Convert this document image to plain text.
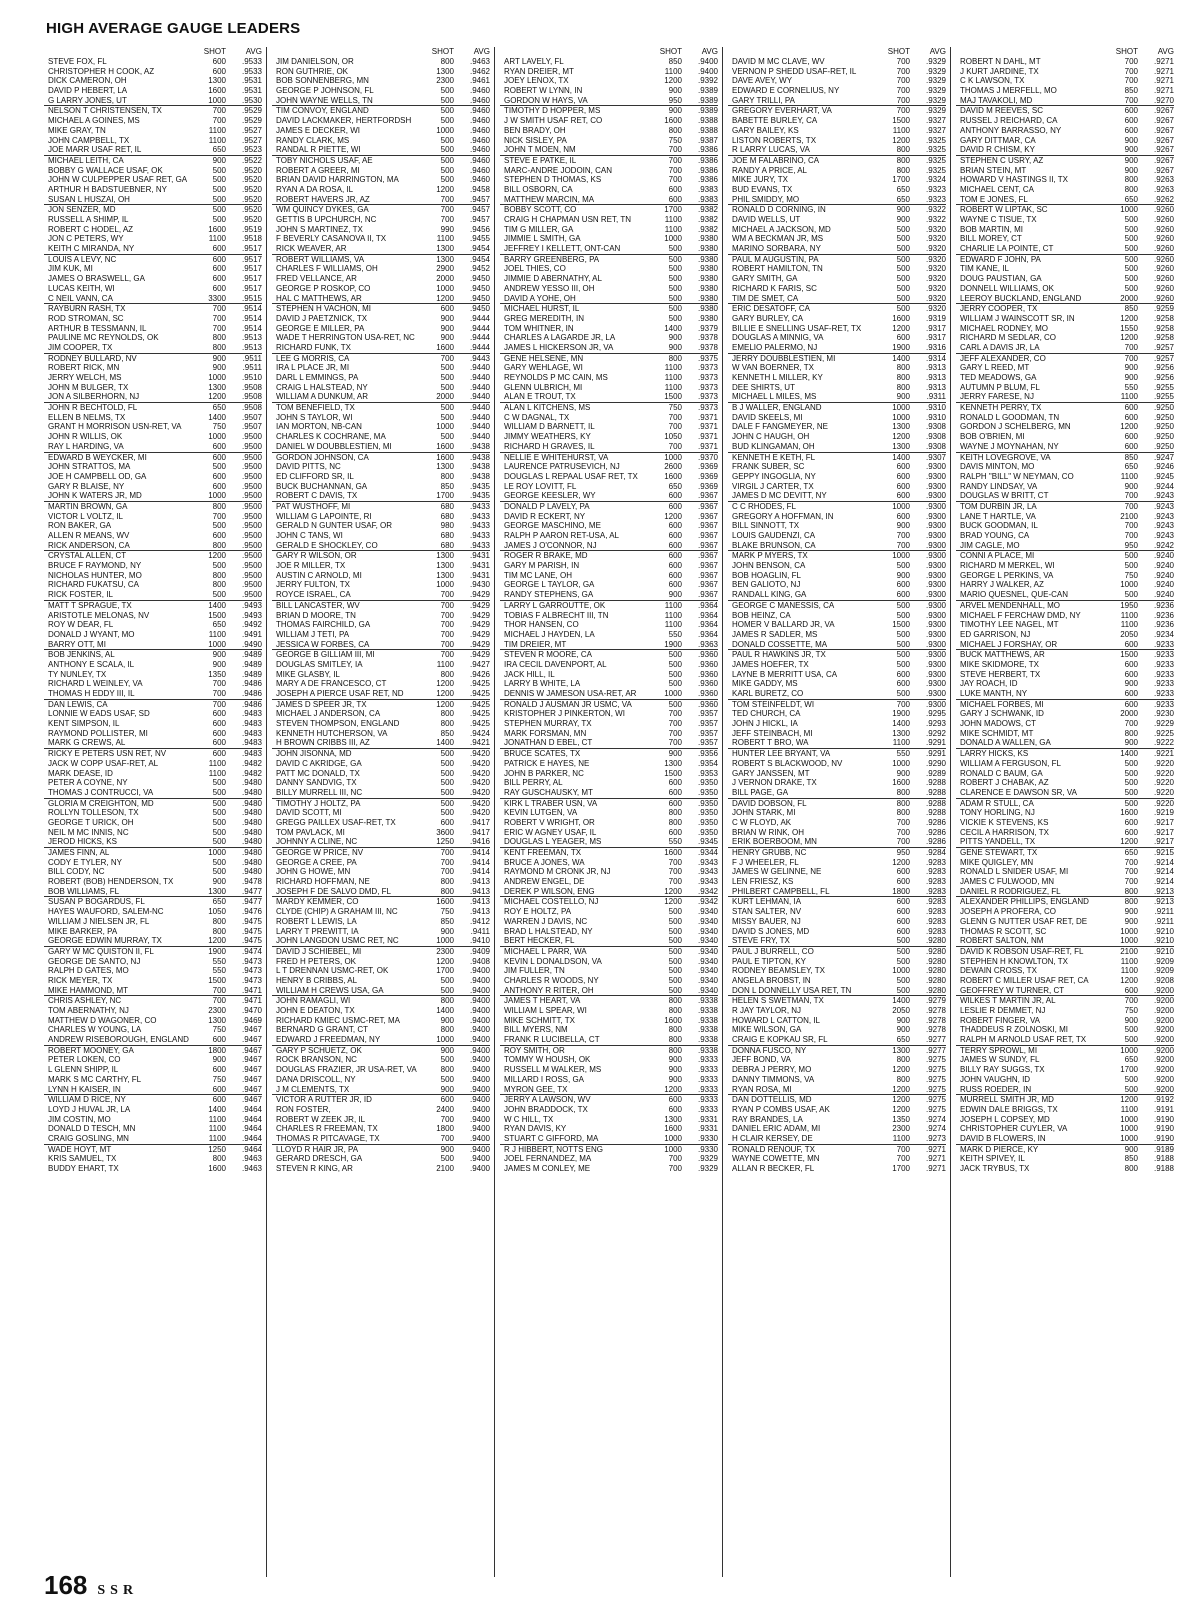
HIGH AVERAGE GAUGE LEADERS
SHOT	AVG
STEVE FOX, FL	600	.9533
CHRISTOPHER H COOK, AZ	600	.9533
DICK CAMERON, OH	1300	.9531
DAVID P HEBERT, LA	1600	.9531
G LARRY JONES, UT	1000	.9530
NELSON T CHRISTENSEN, TX	700	.9529
MICHAEL A GOINES, MS	700	.9529
MIKE GRAY, TN	1100	.9527
JOHN CAMPBELL, TX	1100	.9527
JOE MARR USAF RET, IL	650	.9523
MICHAEL LEITH, CA	900	.9522
BOBBY G WALLACE USAF, OK	500	.9520
JOHN W CULPEPPER USAF RET, GA	500	.9520
ARTHUR H BADSTUEBNER, NY	500	.9520
SUSAN L HUSZAI, OH	500	.9520
JON SENZER, MD	500	.9520
RUSSELL A SHIMP, IL	500	.9520
ROBERT C HODEL, AZ	1600	.9519
JON C PETERS, WY	1100	.9518
KEITH C MIRANDA, NY	600	.9517
LOUIS A LEVY, NC	600	.9517
JIM KUK, MI	600	.9517
JAMES O BRASWELL, GA	600	.9517
LUCAS KEITH, WI	600	.9517
C NEIL VANN, CA	3300	.9515
RAYBURN RASH, TX	700	.9514
ROD STROMAN, SC	700	.9514
ARTHUR B TESSMANN, IL	700	.9514
PAULINE MC REYNOLDS, OK	800	.9513
JIM COOPER, TX	800	.9513
RODNEY BULLARD, NV	900	.9511
ROBERT RICK, MN	900	.9511
JERRY WELCH, MS	1000	.9510
JOHN M BULGER, TX	1300	.9508
JON A SILBERHORN, NJ	1200	.9508
JOHN R BECHTOLD, FL	650	.9508
ELLEN B NELMS, TX	1400	.9507
GRANT H MORRISON USN-RET, VA	750	.9507
JOHN R WILLIS, OK	1000	.9500
RAY L HARDING, VA	600	.9500
EDWARD B WEYCKER, MI	600	.9500
JOHN STRATTOS, MA	500	.9500
JOE H CAMPBELL OD, GA	600	.9500
GARY R BLAISE, NY	600	.9500
JOHN K WATERS JR, MD	1000	.9500
MARTIN BROWN, GA	800	.9500
VICTOR L VOLTZ, IL	700	.9500
RON BAKER, GA	500	.9500
ALLEN R MEANS, WV	600	.9500
RICK ANDERSON, CA	800	.9500
CRYSTAL ALLEN, CT	1200	.9500
BRUCE F RAYMOND, NY	500	.9500
NICHOLAS HUNTER, MO	800	.9500
RICHARD FUKATSU, CA	800	.9500
RICK FOSTER, IL	500	.9500
MATT T SPRAGUE, TX	1400	.9493
ARISTOTLE MELONAS, NV	1500	.9493
ROY W DEAR, FL	650	.9492
DONALD J WYANT, MO	1100	.9491
BARRY OTT, MI	1000	.9490
BOB JENKINS, AL	900	.9489
ANTHONY E SCALA, IL	900	.9489
TY NUNLEY, TX	1350	.9489
RICHARD L WEINLEY, VA	700	.9486
THOMAS H EDDY III, IL	700	.9486
DAN LEWIS, CA	700	.9486
LONNIE W EADS USAF, SD	600	.9483
KENT SIMPSON, IL	600	.9483
RAYMOND POLLISTER, MI	600	.9483
MARK G CREWS, AL	600	.9483
RICKY E PETERS USN RET, NV	600	.9483
JACK W COPP USAF-RET, AL	1100	.9482
MARK DEASE, ID	1100	.9482
PETER A COYNE, NY	500	.9480
THOMAS J CONTRUCCI, VA	500	.9480
GLORIA M CREIGHTON, MD	500	.9480
ROLLYN TOLLESON, TX	500	.9480
GEORGE T URICK, OH	500	.9480
NEIL M MC INNIS, NC	500	.9480
JEROD HICKS, KS	500	.9480
JAMES FINN, AL	1000	.9480
CODY E TYLER, NY	500	.9480
BILL CODY, NC	500	.9480
ROBERT (BOB) HENDERSON, TX	900	.9478
BOB WILLIAMS, FL	1300	.9477
SUSAN P BOGARDUS, FL	650	.9477
HAYES WAUFORD, SALEM-NC	1050	.9476
WILLIAM J NIELSEN JR, FL	800	.9475
MIKE BARKER, PA	800	.9475
GEORGE EDWIN MURRAY, TX	1200	.9475
GARY W MC QUISTON II, FL	1900	.9474
GEORGE DE SANTO, NJ	550	.9473
RALPH D GATES, MO	550	.9473
RICK MEYER, TX	1500	.9473
MIKE HAMMOND, MT	700	.9471
CHRIS ASHLEY, NC	700	.9471
TOM ABERNATHY, NJ	2300	.9470
MATTHEW D WAGONER, CO	1300	.9469
CHARLES W YOUNG, LA	750	.9467
ANDREW RISEBOROUGH, ENGLAND	600	.9467
ROBERT MOONEY, GA	1800	.9467
PETER LOKEN, CO	900	.9467
L GLENN SHIPP, IL	600	.9467
MARK S MC CARTHY, FL	750	.9467
LYNN H KAISER, IN	600	.9467
WILLIAM D RICE, NY	600	.9467
LOYD J HUVAL JR, LA	1400	.9464
JIM COSTIN, MO	1100	.9464
DONALD D TESCH, MN	1100	.9464
CRAIG GOSLING, MN	1100	.9464
WADE HOYT, MT	1250	.9464
KRIS SAMUEL, TX	800	.9463
BUDDY EHART, TX	1600	.9463
SHOT	AVG
JIM DANIELSON, OR	800	.9463
RON GUTHRIE, OK	1300	.9462
BOB SONNENBERG, MN	2300	.9461
GEORGE P JOHNSON, FL	500	.9460
JOHN WAYNE WELLS, TN	500	.9460
TIM CONVOY, ENGLAND	500	.9460
DAVID LACKMAKER, HERTFORDSH	500	.9460
JAMES E DECKER, WI	1000	.9460
RANDY CLARK, MS	500	.9460
RANDAL R PIETTE, WI	500	.9460
TOBY NICHOLS USAF, AE	500	.9460
ROBERT A GREER, MI	500	.9460
BRIAN DAVID HARRINGTON, MA	500	.9460
RYAN A DA ROSA, IL	1200	.9458
ROBERT HAVERS JR, AZ	700	.9457
WM QUINCY DYKES, GA	700	.9457
GETTIS B UPCHURCH, NC	700	.9457
JOHN S MARTINEZ, TX	990	.9456
F BEVERLY CASANOVA II, TX	1100	.9455
RICK WEAVER, AR	1300	.9454
ROBERT WILLIAMS, VA	1300	.9454
CHARLES F WILLIAMS, OH	2900	.9452
FRED VELLANCE, AR	2000	.9450
GEORGE P ROSKOP, CO	1000	.9450
HAL C MATTHEWS, AR	1200	.9450
STEPHEN H VACHON, MI	600	.9450
DAVID J PAETZNICK, TX	900	.9444
GEORGE E MILLER, PA	900	.9444
WADE T HERRINGTON USA-RET, NC	900	.9444
RICHARD FUNK, TX	1600	.9444
LEE G MORRIS, CA	700	.9443
IRA L PLACE JR, MI	500	.9440
DARL L EMMINGS, PA	500	.9440
CRAIG L HALSTEAD, NY	500	.9440
WILLIAM A DUNKUM, AR	2000	.9440
TOM BENEFIELD, TX	500	.9440
JOHN S TAYLOR, WI	500	.9440
IAN MORTON, NB-CAN	1000	.9440
CHARLES K COCHRANE, MA	500	.9440
DANIEL W DOUBBLESTIEN, MI	1600	.9438
GORDON JOHNSON, CA	1600	.9438
DAVID PITTS, NC	1300	.9438
ED CLIFFORD SR, IL	800	.9438
BUCK BUCHANNAN, GA	850	.9435
ROBERT C DAVIS, TX	1700	.9435
PAT WUSTHOFF, MI	680	.9433
WILLIAM G LAPOINTE, RI	680	.9433
GERALD N GUNTER USAF, OR	980	.9433
JOHN C TANS, WI	680	.9433
GERALD E SHOCKLEY, CO	680	.9433
GARY R WILSON, OR	1300	.9431
JOE R MILLER, TX	1300	.9431
AUSTIN C ARNOLD, MI	1300	.9431
JERRY FULTON, TX	1000	.9430
ROYCE ISRAEL, CA	700	.9429
BILL LANCASTER, WV	700	.9429
BRIAN D MOORE, TN	700	.9429
THOMAS FAIRCHILD, GA	700	.9429
WILLIAM J TETI, PA	700	.9429
JESSICA W FORBES, CA	700	.9429
GEORGE B GILLIAM III, MI	700	.9429
DOUGLAS SMITLEY, IA	1100	.9427
MIKE GLASBY, IL	800	.9426
MARY A DE FRANCESCO, CT	1200	.9425
JOSEPH A PIERCE USAF RET, ND	1200	.9425
JAMES D SPEER JR, TX	1200	.9425
MICHAEL J ANDERSON, CA	800	.9425
STEVEN THOMPSON, ENGLAND	800	.9425
KENNETH HUTCHERSON, VA	850	.9424
H BROWN CRIBBS III, AZ	1400	.9421
JOHN JISONNA, MD	500	.9420
DAVID C AKRIDGE, GA	500	.9420
PATT MC DONALD, TX	500	.9420
DANNY SANDVIG, TX	500	.9420
BILLY MURRELL III, NC	500	.9420
TIMOTHY J HOLTZ, PA	500	.9420
DAVID SCOTT, MI	500	.9420
GREGG PAILLEX USAF-RET, TX	600	.9417
TOM PAVLACK, MI	3600	.9417
JOHNNY A CLINE, NC	1250	.9416
GEORGE W PRICE, NV	700	.9414
GEORGE A CREE, PA	700	.9414
JOHN G HOWE, MN	700	.9414
RICHARD HOFFMAN, NE	800	.9413
JOSEPH F DE SALVO DMD, FL	800	.9413
MARDY KEMMER, CO	1600	.9413
CLYDE (CHIP) A GRAHAM III, NC	750	.9413
ROBERT L LEWIS, LA	850	.9412
LARRY T PREWITT, IA	900	.9411
JOHN LANGDON USMC RET, NC	1000	.9410
DAVID J SCHIEBEL, MI	2300	.9409
FRED H PETERS, OK	1200	.9408
L T DRENNAN USMC-RET, OK	1700	.9400
HENRY B CRIBBS, AL	500	.9400
WILLIAM H CREWS USA, GA	500	.9400
JOHN RAMAGLI, WI	800	.9400
JOHN E DEATON, TX	1400	.9400
RICHARD KMIEC USMC-RET, MA	900	.9400
BERNARD G GRANT, CT	800	.9400
EDWARD J FREEDMAN, NY	1000	.9400
GARY P SCHUETZ, OK	900	.9400
ROCK BRANSON, NC	500	.9400
DOUGLAS FRAZIER, JR USA-RET, VA	800	.9400
DANA DRISCOLL, NY	500	.9400
J M CLEMENTS, TX	900	.9400
VICTOR A RUTTER JR, ID	600	.9400
RON FOSTER,	2400	.9400
ROBERT W ZEEK JR, IL	700	.9400
CHARLES R FREEMAN, TX	1800	.9400
THOMAS R PITCAVAGE, TX	700	.9400
LLOYD R HAIR JR, PA	900	.9400
GERARD DRESCH, GA	500	.9400
STEVEN R KING, AR	2100	.9400
SHOT	AVG
ART LAVELY, FL	850	.9400
RYAN DREIER, MT	1100	.9400
JOEY LENOX, TX	1200	.9392
ROBERT W LYNN, IN	900	.9389
GORDON W HAYS, VA	950	.9389
TIMOTHY D HOPPER, MS	900	.9389
J W SMITH USAF RET, CO	1600	.9388
BEN BRADY, OH	800	.9388
NICK SISLEY, PA	750	.9387
JOHN T MOEN, NM	700	.9386
STEVE E PATKE, IL	700	.9386
MARC-ANDRE JODOIN, CAN	700	.9386
STEPHEN D THOMAS, KS	700	.9386
BILL OSBORN, CA	600	.9383
MATTHEW MARCIN, MA	600	.9383
BOBBY SCOTT, CO	1700	.9382
CRAIG H CHAPMAN USN RET, TN	1100	.9382
TIM G MILLER, GA	1100	.9382
JIMMIE L SMITH, GA	1000	.9380
JEFFREY I KELLETT, ONT-CAN	500	.9380
BARRY GREENBERG, PA	500	.9380
JOEL THIES, CO	500	.9380
JIMMIE D ABERNATHY, AL	500	.9380
ANDREW YESSO III, OH	500	.9380
DAVID A YOHE, OH	500	.9380
MICHAEL HURST, IL	500	.9380
GREG MEREDITH, IN	500	.9380
TOM WHITNER, IN	1400	.9379
CHARLES A LAGARDE JR, LA	900	.9378
JAMES L HICKERSON JR, VA	900	.9378
GENE HELSENE, MN	800	.9375
GARY WEHLAGE, WI	1100	.9373
REYNOLDS P MC CAIN, MS	1100	.9373
GLENN ULBRICH, MI	1100	.9373
ALAN E TROUT, TX	1500	.9373
ALAN L KITCHENS, MS	750	.9373
C W DAGNAL, TX	700	.9371
WILLIAM D BARNETT, IL	700	.9371
JIMMY WEATHERS, KY	1050	.9371
RICHARD H GRAVES, IL	700	.9371
NELLIE E WHITEHURST, VA	1000	.9370
LAURENCE PATRUSEVICH, NJ	2600	.9369
DOUGLAS L REPAAL USAF RET, TX	1600	.9369
LE ROY LOVITT, FL	650	.9369
GEORGE KEESLER, WY	600	.9367
DONALD P LAVELY, PA	600	.9367
DAVID R ECKERT, NY	1200	.9367
GEORGE MASCHINO, ME	600	.9367
RALPH P AARON RET-USA, AL	600	.9367
JAMES J O'CONNOR, NJ	600	.9367
ROGER R BRAKE, MD	600	.9367
GARY M PARISH, IN	600	.9367
TIM MC LANE, OH	600	.9367
GEORGE L TAYLOR, GA	600	.9367
RANDY STEPHENS, GA	900	.9367
LARRY L GARROUTTE, OK	1100	.9364
TOBIAS F ALBRECHT III, TN	1100	.9364
THOR HANSEN, CO	1100	.9364
MICHAEL J HAYDEN, LA	550	.9364
TIM DREIER, MT	1900	.9363
STEVEN R MOORE, CA	500	.9360
IRA CECIL DAVENPORT, AL	500	.9360
JACK HILL, IL	500	.9360
LARRY B WHITE, LA	500	.9360
DENNIS W JAMESON USA-RET, AR	1000	.9360
RONALD J AUSMAN JR USMC, VA	500	.9360
KRISTOPHER J PINKERTON, WI	700	.9357
STEPHEN MURRAY, TX	700	.9357
MARK FORSMAN, MN	700	.9357
JONATHAN D EBEL, CT	700	.9357
BRUCE SCATES, TX	900	.9356
PATRICK E HAYES, NE	1300	.9354
JOHN B PARKER, NC	1500	.9353
BILL PERRY, AL	600	.9350
RAY GUSCHAUSKY, MT	600	.9350
KIRK L TRABER USN, VA	600	.9350
KEVIN LUTGEN, VA	800	.9350
ROBERT V WRIGHT, OR	800	.9350
ERIC W AGNEY USAF, IL	600	.9350
DOUGLAS L YEAGER, MS	550	.9345
KENT FREEMAN, TX	1600	.9344
BRUCE A JONES, WA	700	.9343
RAYMOND M CRONK JR, NJ	700	.9343
ANDREW ENGEL, DE	700	.9343
DEREK P WILSON, ENG	1200	.9342
MICHAEL COSTELLO, NJ	1200	.9342
ROY E HOLTZ, PA	500	.9340
WARREN J DAVIS, NC	500	.9340
BRAD L HALSTEAD, NY	500	.9340
BERT HECKER, FL	500	.9340
MICHAEL L PARR, WA	500	.9340
KEVIN L DONALDSON, VA	500	.9340
JIM FULLER, TN	500	.9340
CHARLES R WOODS, NY	500	.9340
ANTHONY R RITER, OH	500	.9340
JAMES T HEART, VA	800	.9338
WILLIAM L SPEAR, WI	800	.9338
MIKE SCHMITT, TX	1600	.9338
BILL MYERS, NM	800	.9338
FRANK R LUCIBELLA, CT	800	.9338
ROY SMITH, OR	800	.9338
TOMMY W HOUSH, OK	900	.9333
RUSSELL M WALKER, MS	900	.9333
MILLARD I ROSS, GA	900	.9333
MYRON GEE, TX	1200	.9333
JERRY A LAWSON, WV	600	.9333
JOHN BRADDOCK, TX	600	.9333
W C HILL, TX	1300	.9331
RYAN DAVIS, KY	1600	.9331
STUART C GIFFORD, MA	1000	.9330
R J HIBBERT, NOTTS ENG	1000	.9330
JOEL FERNANDEZ, MA	700	.9329
JAMES M CONLEY, ME	700	.9329
SHOT	AVG
DAVID M MC CLAVE, WV	700	.9329
VERNON P SHEDD USAF-RET, IL	700	.9329
DAVE AVEY, WY	700	.9329
EDWARD E CORNELIUS, NY	700	.9329
GARY TRILLI, PA	700	.9329
GREGORY EVERHART, VA	700	.9329
BABETTE BURLEY, CA	1500	.9327
GARY BAILEY, KS	1100	.9327
LISTON ROBERTS, TX	1200	.9325
R LARRY LUCAS, VA	800	.9325
JOE M FALABRINO, CA	800	.9325
RANDY A PRICE, AL	800	.9325
MIKE JURY, TX	1700	.9324
BUD EVANS, TX	650	.9323
PHIL SMIDDY, MO	650	.9323
RONALD D CORNING, IN	900	.9322
DAVID WELLS, UT	900	.9322
MICHAEL A JACKSON, MD	500	.9320
WM A BECKMAN JR, MS	500	.9320
MARINO SORBARA, NY	500	.9320
PAUL M AUGUSTIN, PA	500	.9320
ROBERT HAMILTON, TN	500	.9320
GARY SMITH, GA	500	.9320
RICHARD K FARIS, SC	500	.9320
TIM DE SMET, CA	500	.9320
ERIC DESATOFF, CA	500	.9320
GARY BURLEY, CA	1600	.9319
BILLIE E SNELLING USAF-RET, TX	1200	.9317
DOUGLAS A MINNIG, VA	600	.9317
EMELIO PALERMO, NJ	1900	.9316
JERRY DOUBBLESTIEN, MI	1400	.9314
W VAN BOERNER, TX	800	.9313
KENNETH L MILLER, KY	800	.9313
DEE SHIRTS, UT	800	.9313
MICHAEL L MILES, MS	900	.9311
B J WALLER, ENGLAND	1000	.9310
DAVID SKEELS, MI	1000	.9310
DALE F FANGMEYER, NE	1300	.9308
JOHN C HAUGH, OH	1200	.9308
BUD KLINGAMAN, OH	1300	.9308
KENNETH E KETH, FL	1400	.9307
FRANK SUBER, SC	600	.9300
GEPPY INGOGLIA, NY	600	.9300
VIRGIL J CARTER, TX	600	.9300
JAMES D MC DEVITT, NY	600	.9300
C C RHODES, FL	1000	.9300
GREGORY A HOFFMAN, IN	600	.9300
BILL SINNOTT, TX	900	.9300
LOUIS GAUDENZI, CA	700	.9300
BLAKE BRUNSON, CA	700	.9300
MARK P MYERS, TX	1000	.9300
JOHN BENSON, CA	500	.9300
BOB HOAGLIN, FL	900	.9300
BEN GALIOTO, NJ	600	.9300
RANDALL KING, GA	600	.9300
GEORGE C MANESSIS, CA	500	.9300
BOB HEINZ, CA	500	.9300
HOMER V BALLARD JR, VA	1500	.9300
JAMES R SADLER, MS	500	.9300
DONALD COSSETTE, MA	500	.9300
PAUL R HAWKINS JR, TX	500	.9300
JAMES HOEFER, TX	500	.9300
LAYNE B MERRITT USA, CA	600	.9300
MIKE GADDY, MS	600	.9300
KARL BURETZ, CO	500	.9300
TOM STEINFELDT, WI	700	.9300
TED CHURCH, CA	1900	.9295
JOHN J HICKL, IA	1400	.9293
JEFF STEINBACH, MI	1300	.9292
ROBERT T BRO, WA	1100	.9291
HUNTER LEE BRYANT, VA	550	.9291
ROBERT S BLACKWOOD, NV	1000	.9290
GARY JANSSEN, MT	900	.9289
J VERNON DRAKE, TX	1600	.9288
BILL PAGE, GA	800	.9288
DAVID DOBSON, FL	800	.9288
JOHN STARK, MI	800	.9288
C W FLOYD, AK	700	.9286
BRIAN W RINK, OH	700	.9286
ERIK BOERBOOM, MN	700	.9286
HENRY GRUBB, NC	950	.9284
F J WHEELER, FL	1200	.9283
JAMES W GELINNE, NE	600	.9283
LEN FRIESZ, KS	600	.9283
PHILBERT CAMPBELL, FL	1800	.9283
KURT LEHMAN, IA	600	.9283
STAN SALTER, NV	600	.9283
MISSY BAUER, NJ	600	.9283
DAVID S JONES, MD	600	.9283
STEVE FRY, TX	500	.9280
PAUL J BURRELL, CO	500	.9280
PAUL E TIPTON, KY	500	.9280
RODNEY BEAMSLEY, TX	1000	.9280
ANGELA BROBST, IN	500	.9280
DON L DONNELLY USA RET, TN	500	.9280
HELEN S SWETMAN, TX	1400	.9279
R JAY TAYLOR, NJ	2050	.9278
HOWARD L CATTON, IL	900	.9278
MIKE WILSON, GA	900	.9278
CRAIG E KOPKAU SR, FL	650	.9277
DONNA FUSCO, NY	1300	.9277
JEFF BOND, VA	800	.9275
DEBRA J PERRY, MO	1200	.9275
DANNY TIMMONS, VA	800	.9275
RYAN ROSA, MI	1200	.9275
DAN DOTTELLIS, MD	1200	.9275
RYAN P COMBS USAF, AK	1200	.9275
RAY BRANDES, LA	1350	.9274
DANIEL ERIC ADAM, MI	2300	.9274
H CLAIR KERSEY, DE	1100	.9273
RONALD RENOUF, TX	700	.9271
WAYNE COWETTE, MN	700	.9271
ALLAN R BECKER, FL	1700	.9271
SHOT	AVG
ROBERT N DAHL, MT	700	.9271
J KURT JARDINE, TX	700	.9271
C K LAWSON, TX	700	.9271
THOMAS J MERFELL, MO	850	.9271
MAJ TAVAKOLI, MD	700	.9270
DAVID M REEVES, SC	600	.9267
RUSSEL J REICHARD, CA	600	.9267
ANTHONY BARRASSO, NY	600	.9267
GARY DITTMAR, CA	900	.9267
DAVID R CHISM, KY	900	.9267
STEPHEN C USRY, AZ	900	.9267
BRIAN STEIN, MT	900	.9267
HOWARD V HASTINGS II, TX	800	.9263
MICHAEL CENT, CA	800	.9263
TOM E JONES, FL	650	.9262
ROBERT W LIPTAK, SC	1000	.9260
WAYNE C TISUE, TX	500	.9260
BOB MARTIN, MI	500	.9260
BILL MOREY, CT	500	.9260
CHARLIE LA POINTE, CT	500	.9260
EDWARD F JOHN, PA	500	.9260
TIM KANE, IL	500	.9260
DOUG PAUSTIAN, GA	500	.9260
DONNELL WILLIAMS, OK	500	.9260
LEEROY BUCKLAND, ENGLAND	2000	.9260
JERRY COOPER, TX	850	.9259
WILLIAM J WAINSCOTT SR, IN	1200	.9258
MICHAEL RODNEY, MO	1550	.9258
RICHARD M SEDLAR, CO	1200	.9258
CARL A DAVIS JR, LA	700	.9257
JEFF ALEXANDER, CO	700	.9257
GARY L REED, MT	900	.9256
TED MEADOWS, GA	900	.9256
AUTUMN P BLUM, FL	550	.9255
JERRY FARESE, NJ	1100	.9255
KENNETH PERRY, TX	600	.9250
RONALD L GOODMAN, TN	600	.9250
GORDON J SCHELBERG, MN	1200	.9250
BOB O'BRIEN, MI	600	.9250
WAYNE J MOYNAHAN, NY	600	.9250
KEITH LOVEGROVE, VA	850	.9247
DAVIS MINTON, MO	650	.9246
RALPH "BILL" W NEYMAN, CO	1100	.9245
RANDY LINDSAY, VA	900	.9244
DOUGLAS W BRITT, CT	700	.9243
TOM DURBIN JR, LA	700	.9243
LANE T HARTLE, VA	2100	.9243
BUCK GOODMAN, IL	700	.9243
BRAD YOUNG, CA	700	.9243
JIM CAGLE, MO	950	.9242
CONNI A PLACE, MI	500	.9240
RICHARD M MERKEL, WI	500	.9240
GEORGE L PERKINS, VA	750	.9240
HARRY J WALKER, AZ	1000	.9240
MARIO QUESNEL, QUE-CAN	500	.9240
ARVEL MENDENHALL, MO	1950	.9236
MICHAEL F FERCHAW DMD, NY	1100	.9236
TIMOTHY LEE NAGEL, MT	1100	.9236
ED GARRISON, NJ	2050	.9234
MICHAEL J FORSHAY, OR	600	.9233
BUCK MATTHEWS, AR	1500	.9233
MIKE SKIDMORE, TX	600	.9233
STEVE HERBERT, TX	600	.9233
JAY ROACH, ID	900	.9233
LUKE MANTH, NY	600	.9233
MICHAEL FORBES, MI	600	.9233
GARY J SCHWANK, ID	2000	.9230
JOHN MADOWS, CT	700	.9229
MIKE SCHMIDT, MT	800	.9225
DONALD A WALLEN, GA	900	.9222
LARRY HICKS, KS	1400	.9221
WILLIAM A FERGUSON, FL	500	.9220
RONALD C BAUM, GA	500	.9220
ROBERT J CHABAK, AZ	500	.9220
CLARENCE E DAWSON SR, VA	500	.9220
ADAM R STULL, CA	500	.9220
TONY HORLING, NJ	1600	.9219
VICKIE K STEVENS, KS	600	.9217
CECIL A HARRISON, TX	600	.9217
PITTS YANDELL, TX	1200	.9217
GENE STEWART, TX	650	.9215
MIKE QUIGLEY, MN	700	.9214
RONALD L SNIDER USAF, MI	700	.9214
JAMES C FULWOOD, MN	700	.9214
DANIEL R RODRIGUEZ, FL	800	.9213
ALEXANDER PHILLIPS, ENGLAND	800	.9213
JOSEPH A PROFERA, CO	900	.9211
GLENN G NUTTER USAF RET, DE	900	.9211
THOMAS R SCOTT, SC	1000	.9210
ROBERT SALTON, NM	1000	.9210
DAVID K ROBSON USAF-RET, FL	2100	.9210
STEPHEN H KNOWLTON, TX	1100	.9209
DEWAIN CROSS, TX	1100	.9209
ROBERT C MILLER USAF RET, CA	1200	.9208
GEOFFREY W TURNER, CT	600	.9200
WILKES T MARTIN JR, AL	700	.9200
LESLIE R DEMMET, NJ	750	.9200
ROBERT FINGER, VA	900	.9200
THADDEUS R ZOLNOSKI, MI	500	.9200
RALPH M ARNOLD USAF RET, TX	500	.9200
TERRY SPROWL, MI	1000	.9200
JAMES W SUNDY, FL	650	.9200
BILLY RAY SUGGS, TX	1700	.9200
JOHN VAUGHN, ID	500	.9200
RUSS ROEDER, IN	500	.9200
MURRELL SMITH JR, MD	1200	.9192
EDWIN DALE BRIGGS, TX	1100	.9191
JOSEPH L COPSEY, MD	1000	.9190
CHRISTOPHER CUYLER, VA	1000	.9190
DAVID B FLOWERS, IN	1000	.9190
MARK D PIERCE, KY	900	.9189
KEITH SPIVEY, IL	850	.9188
JACK TRYBUS, TX	800	.9188
168 SSR
